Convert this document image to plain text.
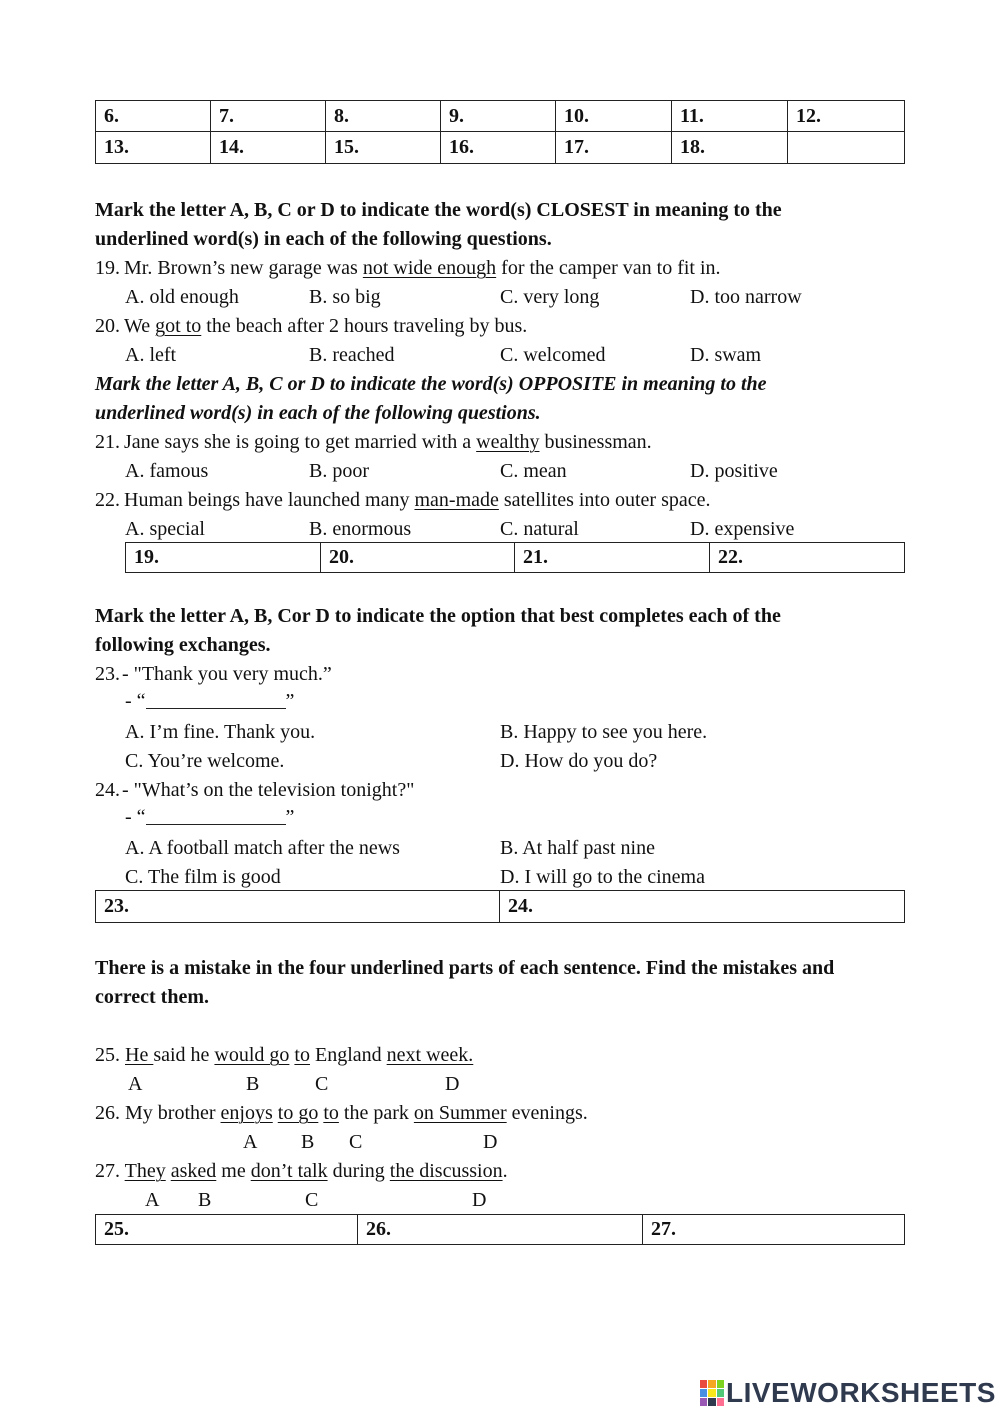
6.	7.	8.	9.	10.	11.	12.
13.	14.	15.	16.	17.	18.	
Mark the letter A, B, C or D to indicate the word(s) CLOSEST in meaning to the
underlined word(s) in each of the following questions.
19. Mr. Brown’s new garage was not wide enough for the camper van to fit in.
A. old enough	B. so big	C. very long	D. too narrow
20. We got to the beach after 2 hours traveling by bus.
A. left	B. reached	C. welcomed	D. swam
Mark the letter A, B, C or D to indicate the word(s) OPPOSITE in meaning to the
underlined word(s) in each of the following questions.
21. Jane says she is going to get married with a wealthy businessman.
A. famous	B. poor	C. mean	D. positive
22. Human beings have launched many man-made satellites into outer space.
A. special	B. enormous	C. natural	D. expensive
19.	20.	21.	22.
Mark the letter A, B, Cor D to indicate the option that best completes each of the
following exchanges.
23. - "Thank you very much.”
- “	”
A. I’m fine. Thank you.	B. Happy to see you here.
C. You’re welcome.	D. How do you do?
24. - "What’s on the television tonight?"
- “	”
A. A football match after the news	B. At half past nine
C. The film is good	D. I will go to the cinema
23.	24.
There is a mistake in the four underlined parts of each sentence. Find the mistakes and
correct them.
25. He said he would go to England next week.
A	B	C	D
26. My brother enjoys to go to the park on Summer evenings.
A B C	D
27. They asked me don’t talk during the discussion.
A B	C	D
25.	26.	27.
LIVEWORKSHEETS
